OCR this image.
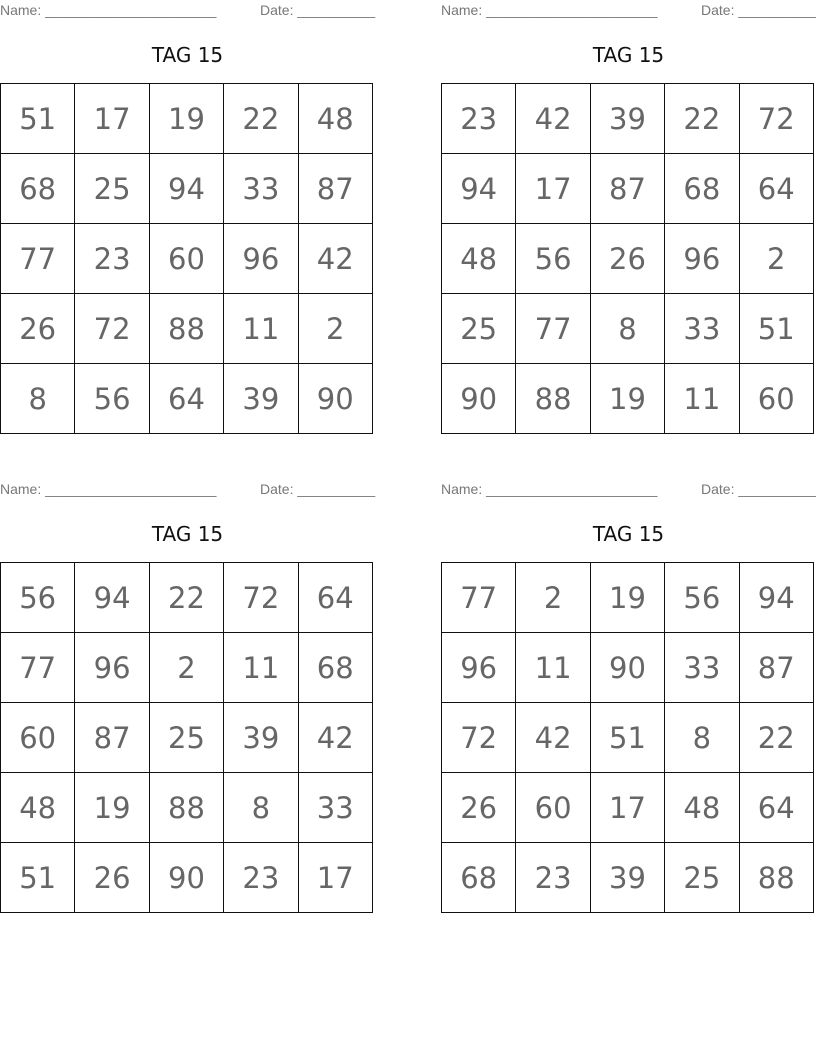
Name: ______________________	Date: __________
TAG 15
51	17	19	22	48
68	25	94	33	87
77	23	60	96	42
26	72	88	11	2
8	56	64	39	90
Name: ______________________	Date: __________
TAG 15
23	42	39	22	72
94	17	87	68	64
48	56	26	96	2
25	77	8	33	51
90	88	19	11	60
Name: ______________________	Date: __________
TAG 15
56	94	22	72	64
77	96	2	11	68
60	87	25	39	42
48	19	88	8	33
51	26	90	23	17
Name: ______________________	Date: __________
TAG 15
77	2	19	56	94
96	11	90	33	87
72	42	51	8	22
26	60	17	48	64
68	23	39	25	88
